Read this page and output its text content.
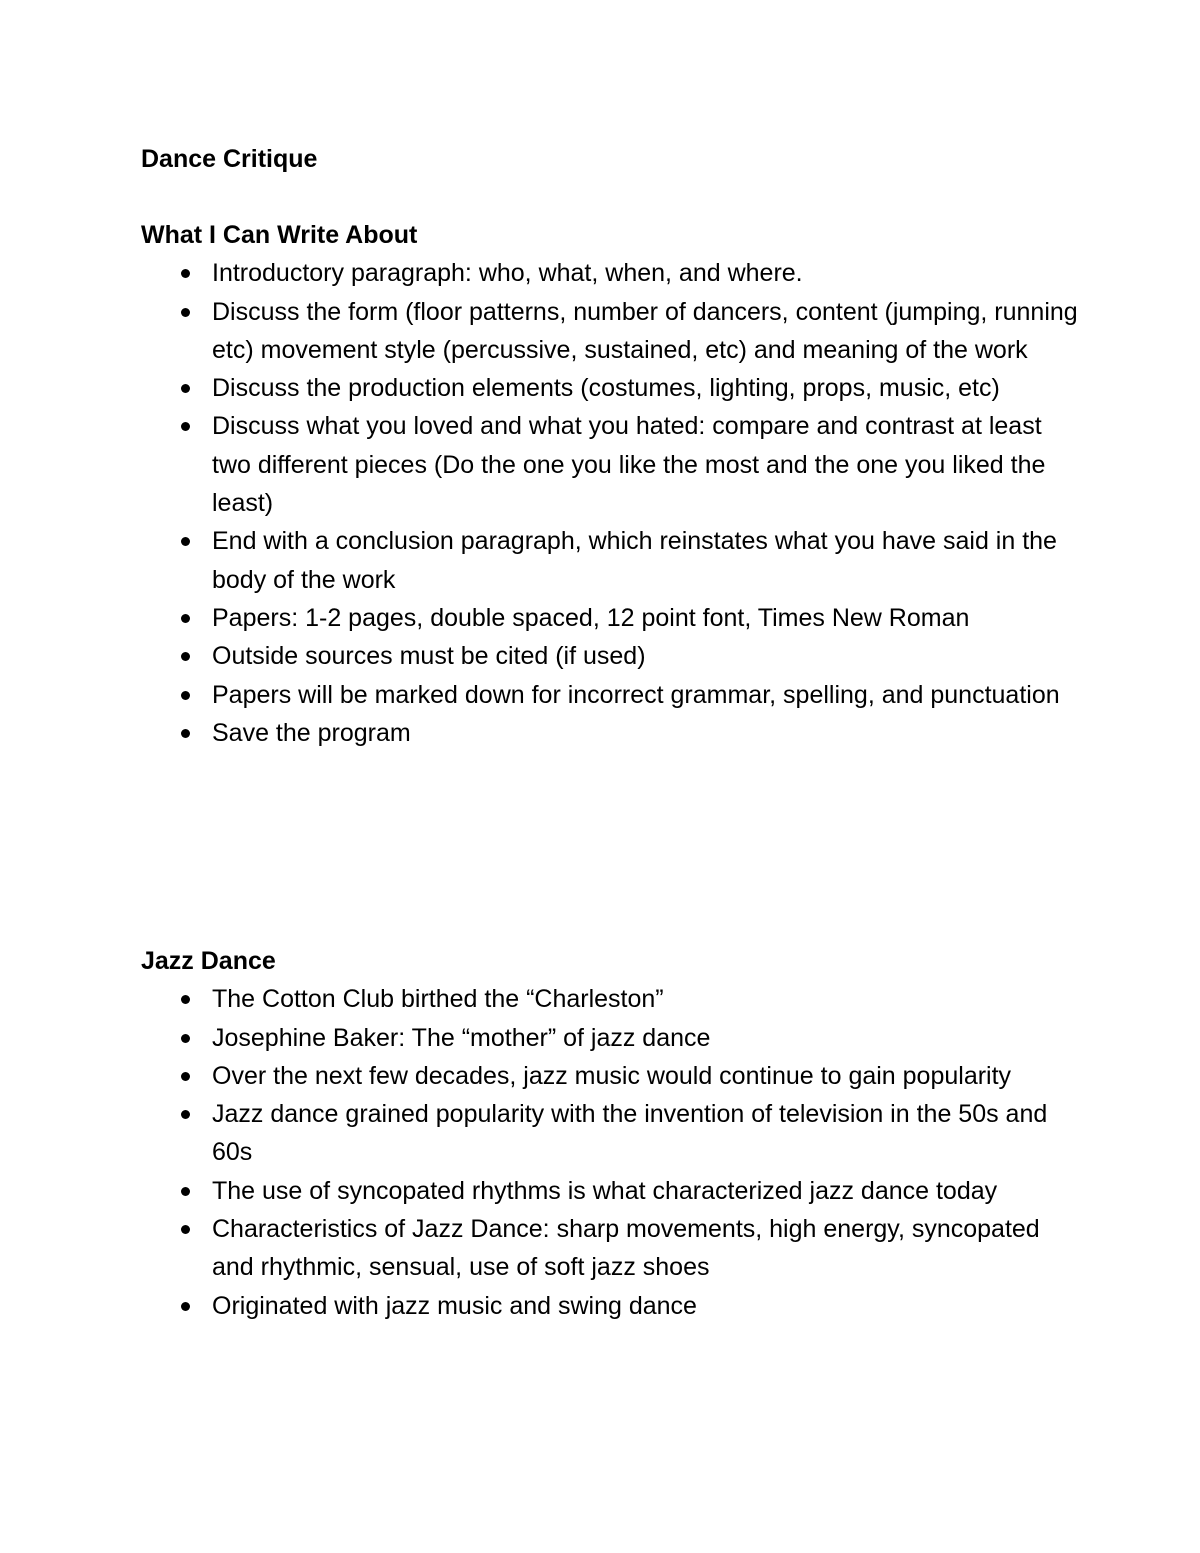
Dance Critique

What I Can Write About

Introductory paragraph: who, what, when, and where.
Discuss the form (floor patterns, number of dancers, content (jumping, running etc) movement style (percussive, sustained, etc) and meaning of the work
Discuss the production elements (costumes, lighting, props, music, etc)
Discuss what you loved and what you hated: compare and contrast at least two different pieces (Do the one you like the most and the one you liked the least)
End with a conclusion paragraph, which reinstates what you have said in the body of the work
Papers: 1-2 pages, double spaced, 12 point font, Times New Roman
Outside sources must be cited (if used)
Papers will be marked down for incorrect grammar, spelling, and punctuation
Save the program

Jazz Dance

The Cotton Club birthed the “Charleston”
Josephine Baker: The “mother” of jazz dance
Over the next few decades, jazz music would continue to gain popularity
Jazz dance grained popularity with the invention of television in the 50s and 60s
The use of syncopated rhythms is what characterized jazz dance today
Characteristics of Jazz Dance: sharp movements, high energy, syncopated and rhythmic, sensual, use of soft jazz shoes
Originated with jazz music and swing dance
